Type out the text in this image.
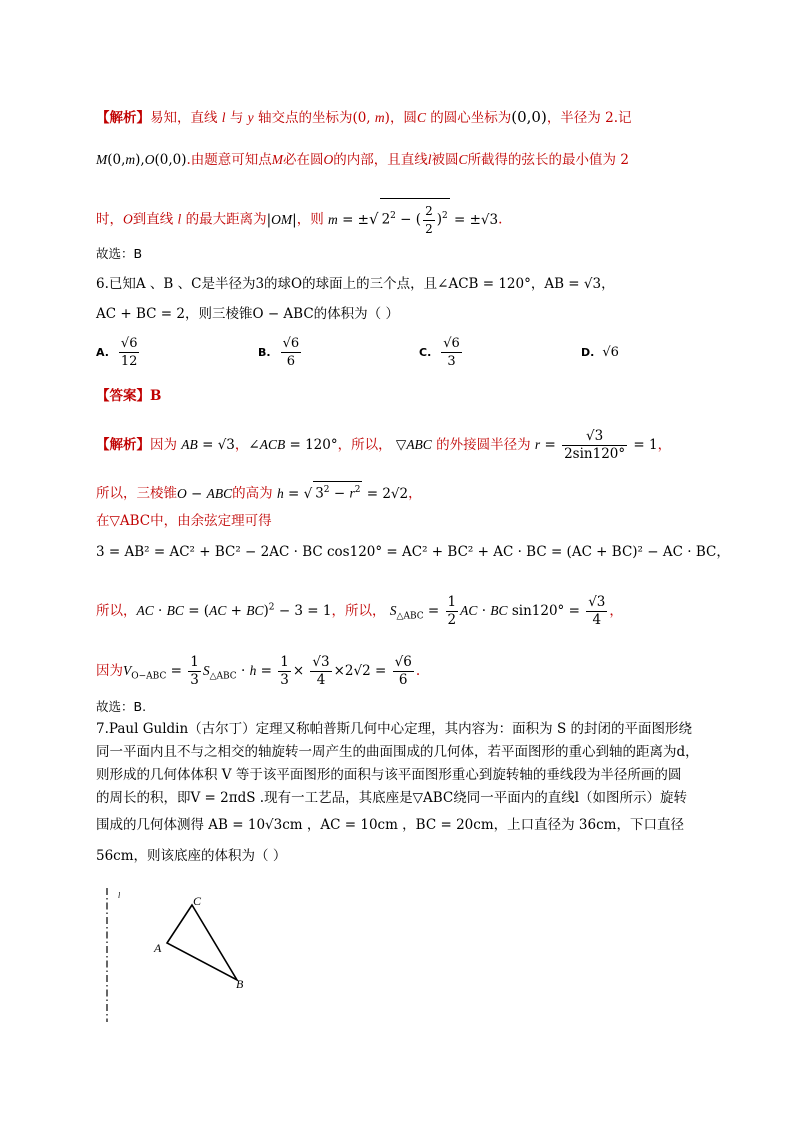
【解析】易知，直线 l 与 y 轴交点的坐标为(0, m)，圆C 的圆心坐标为(0,0)，半径为 2.记
M(0,m),O(0,0).由题意可知点M必在圆O的内部，且直线l被圆C所截得的弦长的最小值为 2
时，O到直线 l 的最大距离为|OM|，则 m = ±√ $2^2$ − ( $\frac{2}{2} )^2 = \pm√3$.
故选：B
6.已知A 、B 、C是半径为3的球O的球面上的三个点，且∠ACB = 120°，AB = √3，
AC + BC = 2，则三棱锥O − ABC的体积为（ ）
A. $\frac{√6}{12}$	B. $\frac{√6}{6}$	C. $\frac{√6}{3}$	D. √6
【答案】B
【解析】因为 AB = √3，∠ACB = 120°，所以， ▽ABC 的外接圆半径为 $r = \frac{√3}{2\sin 120^\circ} = 1$，
所以，三棱锥O − ABC的高为 h = √ $3^2 - r^2 = 2√2$，
在▽ABC中，由余弦定理可得
3 = AB² = AC² + BC² − 2AC · BC cos120° = AC² + BC² + AC · BC = (AC + BC)² − AC · BC，
所以，AC · BC = (AC + BC)$^2$ − 3 = 1，所以， $S_{\triangle ABC} = \frac{1}{2}$ AC · BC $\sin 120^\circ = \frac{√3}{4}$ ，
因为$V_{O-ABC} = \frac{1}{3} S_{\triangle ABC} \cdot h = \frac{1}{3} \times \frac{√3}{4} \times 2√2 = \frac{√6}{6}$ .
故选：B.
7.Paul Guldin（古尔丁）定理又称帕普斯几何中心定理，其内容为：面积为 S 的封闭的平面图形绕
同一平面内且不与之相交的轴旋转一周产生的曲面围成的几何体，若平面图形的重心到轴的距离为d，
则形成的几何体体积 V 等于该平面图形的面积与该平面图形重心到旋转轴的垂线段为半径所画的圆
的周长的积，即V = 2πdS .现有一工艺品，其底座是▽ABC绕同一平面内的直线l（如图所示）旋转
围成的几何体测得 AB = 10√3cm ，AC = 10cm ，BC = 20cm，上口直径为 36cm，下口直径
56cm，则该底座的体积为（ ）
l	C
A
B
